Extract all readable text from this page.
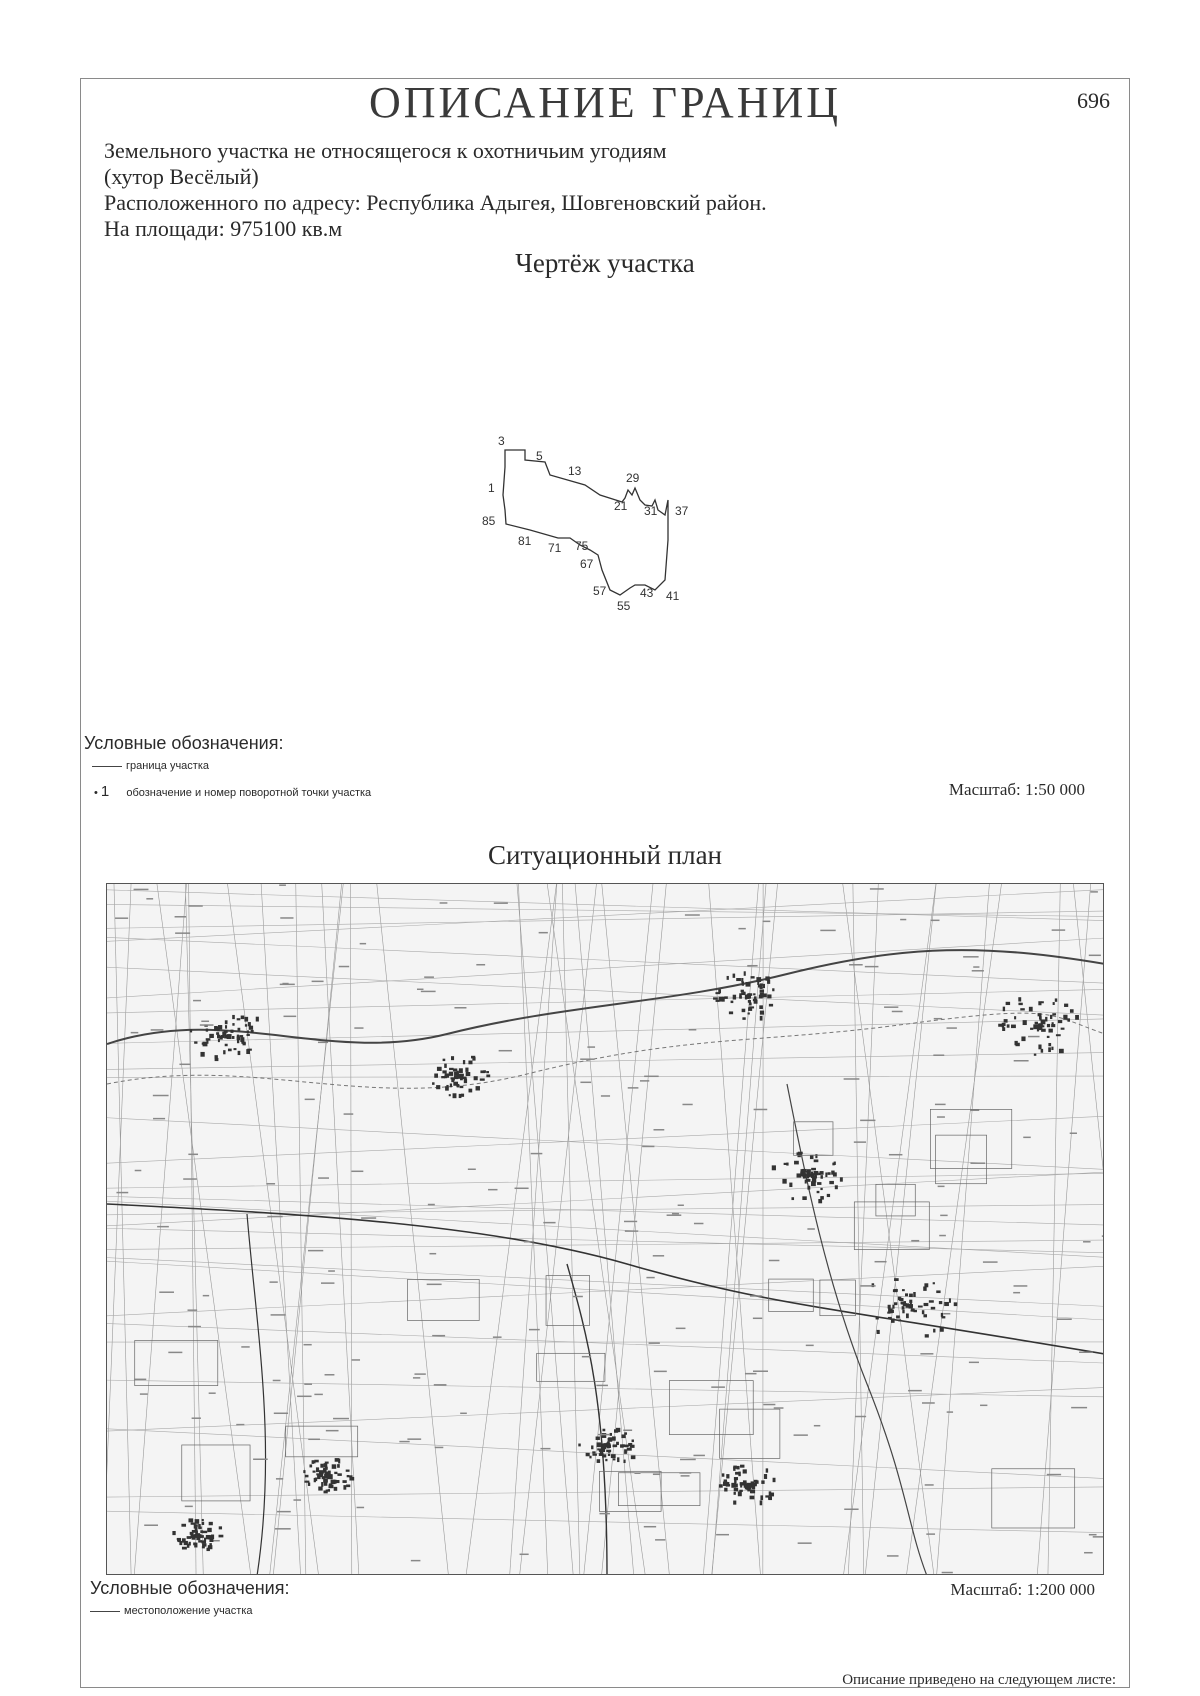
ОПИСАНИЕ ГРАНИЦ	696
Земельного участка не относящегося к охотничьим угодиям
(хутор Весёлый)
Расположенного по адресу: Республика Адыгея, Шовгеновский район.
На площади: 975100 кв.м
Чертёж участка
3
1
5
13	29
21 31 37
85
81 71 75
67
57
55
43 41
Условные обозначения:
граница участка
• 1 обозначение и номер поворотной точки участка	Масштаб: 1:50 000
Ситуационный план
Условные обозначения:	Масштаб: 1:200 000
местоположение участка
Описание приведено на следующем листе:
